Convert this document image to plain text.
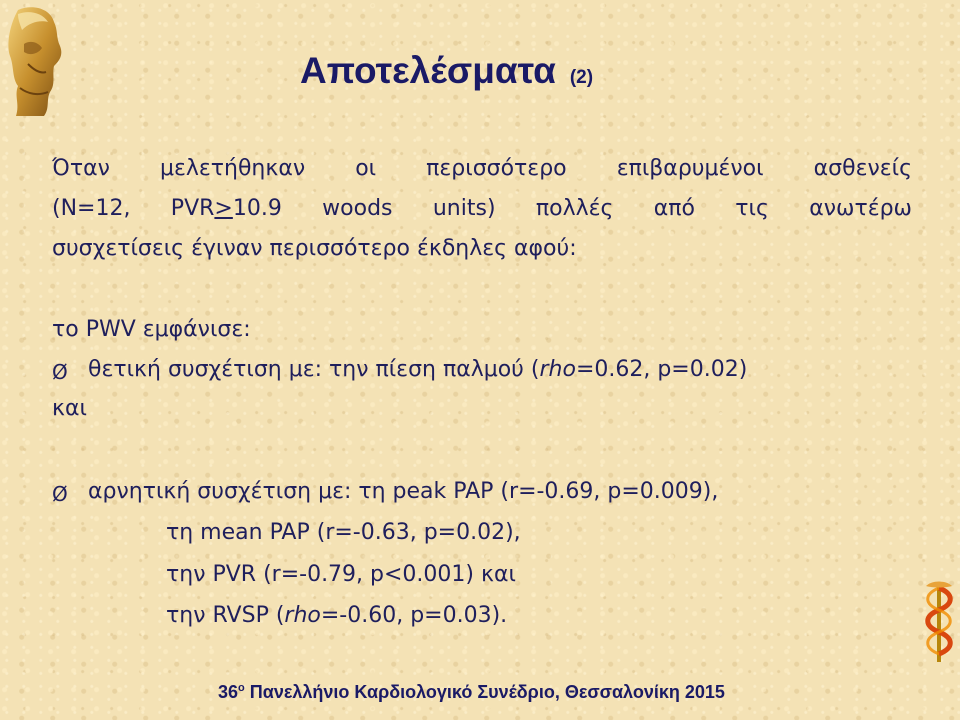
Αποτελέσματα (2)
Όταν μελετήθηκαν οι περισσότερο επιβαρυμένοι ασθενείς
(N=12, PVR≥10.9 woods units) πολλές από τις ανωτέρω
συσχετίσεις έγιναν περισσότερο έκδηλες αφού:
το PWV εμφάνισε:
Ø θετική συσχέτιση με: την πίεση παλμού (rho=0.62, p=0.02)
και
Ø αρνητική συσχέτιση με: τη peak PAP (r=-0.69, p=0.009),
τη mean PAP (r=-0.63, p=0.02),
την PVR (r=-0.79, p<0.001) και
την RVSP (rho=-0.60, p=0.03).
$36^o$ Πανελλήνιο Καρδιολογικό Συνέδριο, Θεσσαλονίκη 2015
